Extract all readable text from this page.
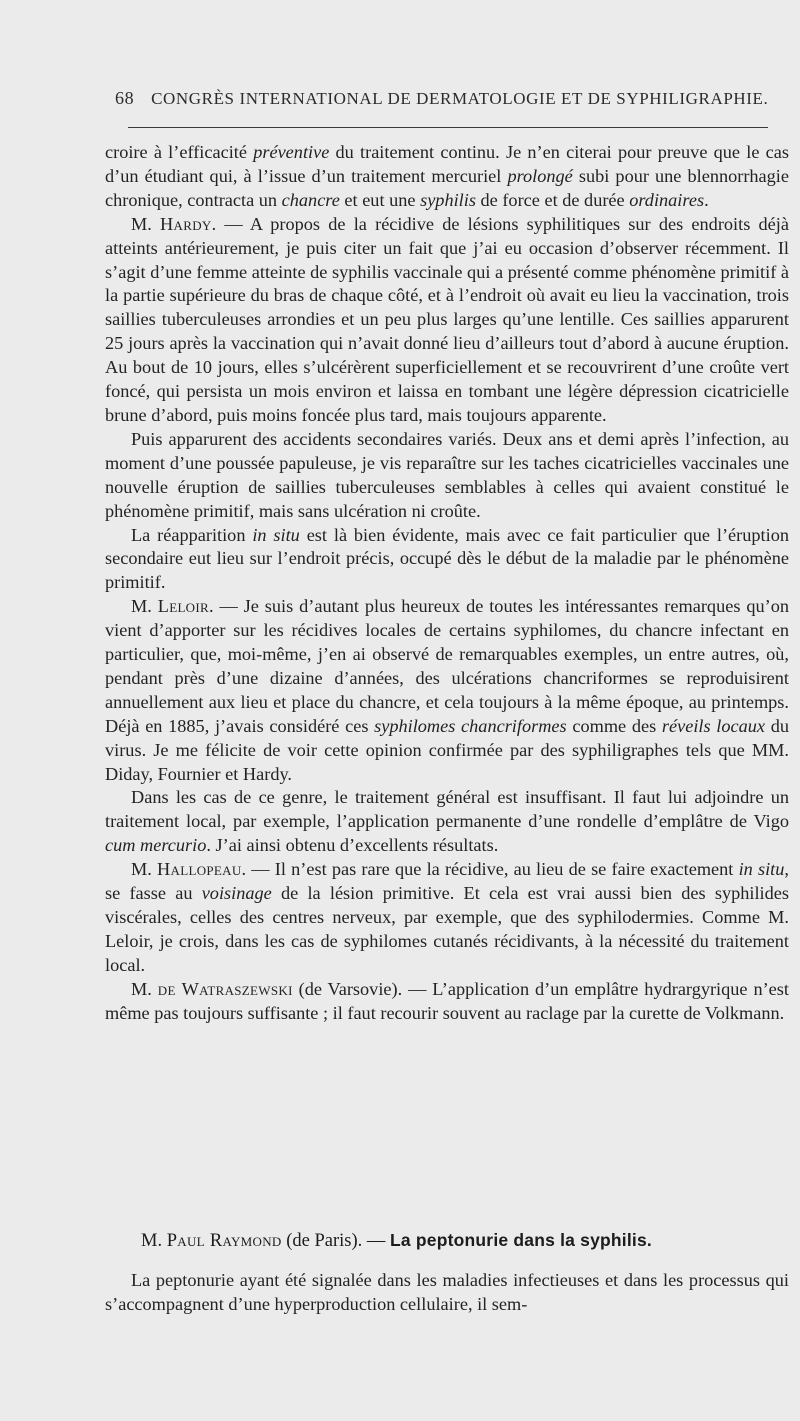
68 CONGRÈS INTERNATIONAL DE DERMATOLOGIE ET DE SYPHILIGRAPHIE.

croire à l’efficacité préventive du traitement continu. Je n’en citerai pour preuve que le cas d’un étudiant qui, à l’issue d’un traitement mercuriel prolongé subi pour une blennorrhagie chronique, contracta un chancre et eut une syphilis de force et de durée ordinaires.

M. Hardy. — A propos de la récidive de lésions syphilitiques sur des endroits déjà atteints antérieurement, je puis citer un fait que j’ai eu occasion d’observer récemment. Il s’agit d’une femme atteinte de syphilis vaccinale qui a présenté comme phénomène primitif à la partie supérieure du bras de chaque côté, et à l’endroit où avait eu lieu la vaccination, trois saillies tuberculeuses arrondies et un peu plus larges qu’une lentille. Ces saillies apparurent 25 jours après la vaccination qui n’avait donné lieu d’ailleurs tout d’abord à aucune éruption. Au bout de 10 jours, elles s’ulcérèrent superficiellement et se recouvrirent d’une croûte vert foncé, qui persista un mois environ et laissa en tombant une légère dépression cicatricielle brune d’abord, puis moins foncée plus tard, mais toujours apparente.

Puis apparurent des accidents secondaires variés. Deux ans et demi après l’infection, au moment d’une poussée papuleuse, je vis reparaître sur les taches cicatricielles vaccinales une nouvelle éruption de saillies tuberculeuses semblables à celles qui avaient constitué le phénomène primitif, mais sans ulcération ni croûte.

La réapparition in situ est là bien évidente, mais avec ce fait particulier que l’éruption secondaire eut lieu sur l’endroit précis, occupé dès le début de la maladie par le phénomène primitif.

M. Leloir. — Je suis d’autant plus heureux de toutes les intéressantes remarques qu’on vient d’apporter sur les récidives locales de certains syphilomes, du chancre infectant en particulier, que, moi-même, j’en ai observé de remarquables exemples, un entre autres, où, pendant près d’une dizaine d’années, des ulcérations chancriformes se reproduisirent annuellement aux lieu et place du chancre, et cela toujours à la même époque, au printemps. Déjà en 1885, j’avais considéré ces syphilomes chancriformes comme des réveils locaux du virus. Je me félicite de voir cette opinion confirmée par des syphiligraphes tels que MM. Diday, Fournier et Hardy.

Dans les cas de ce genre, le traitement général est insuffisant. Il faut lui adjoindre un traitement local, par exemple, l’application permanente d’une rondelle d’emplâtre de Vigo cum mercurio. J’ai ainsi obtenu d’excellents résultats.

M. Hallopeau. — Il n’est pas rare que la récidive, au lieu de se faire exactement in situ, se fasse au voisinage de la lésion primitive. Et cela est vrai aussi bien des syphilides viscérales, celles des centres nerveux, par exemple, que des syphilodermies. Comme M. Leloir, je crois, dans les cas de syphilomes cutanés récidivants, à la nécessité du traitement local.

M. de Watraszewski (de Varsovie). — L’application d’un emplâtre hydrargyrique n’est même pas toujours suffisante ; il faut recourir souvent au raclage par la curette de Volkmann.

M. Paul Raymond (de Paris). — La peptonurie dans la syphilis.

La peptonurie ayant été signalée dans les maladies infectieuses et dans les processus qui s’accompagnent d’une hyperproduction cellulaire, il sem-
